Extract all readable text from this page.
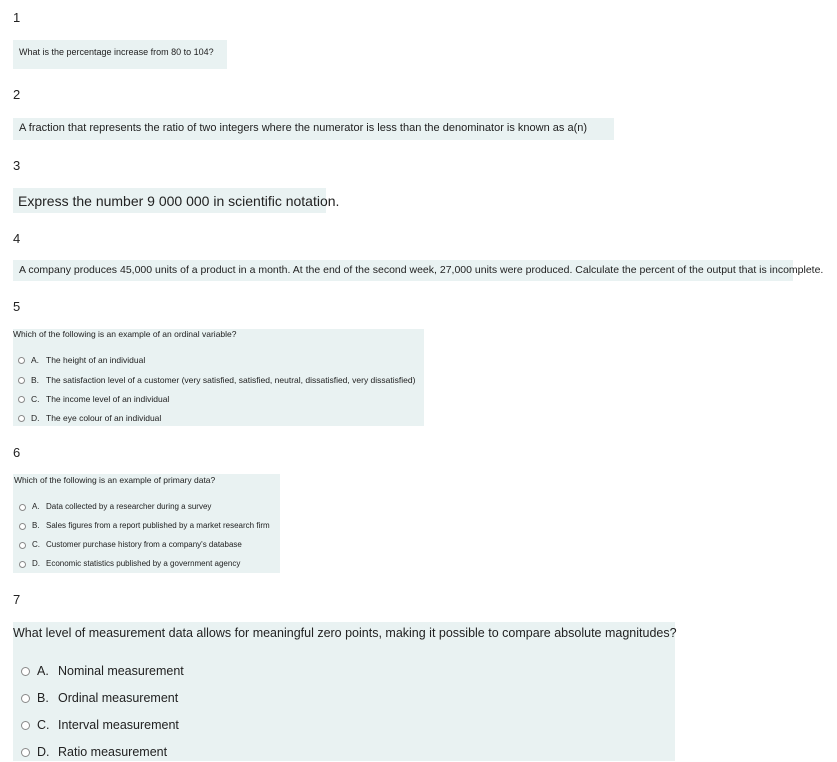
1
What is the percentage increase from 80 to 104?
2
A fraction that represents the ratio of two integers where the numerator is less than the denominator is known as a(n)
3
Express the number 9 000 000 in scientific notation.
4
A company produces 45,000 units of a product in a month. At the end of the second week, 27,000 units were produced. Calculate the percent of the output that is incomplete.
5
Which of the following is an example of an ordinal variable?
A. The height of an individual
B. The satisfaction level of a customer (very satisfied, satisfied, neutral, dissatisfied, very dissatisfied)
C. The income level of an individual
D. The eye colour of an individual
6
Which of the following is an example of primary data?
A. Data collected by a researcher during a survey
B. Sales figures from a report published by a market research firm
C. Customer purchase history from a company's database
D. Economic statistics published by a government agency
7
What level of measurement data allows for meaningful zero points, making it possible to compare absolute magnitudes?
A. Nominal measurement
B. Ordinal measurement
C. Interval measurement
D. Ratio measurement
